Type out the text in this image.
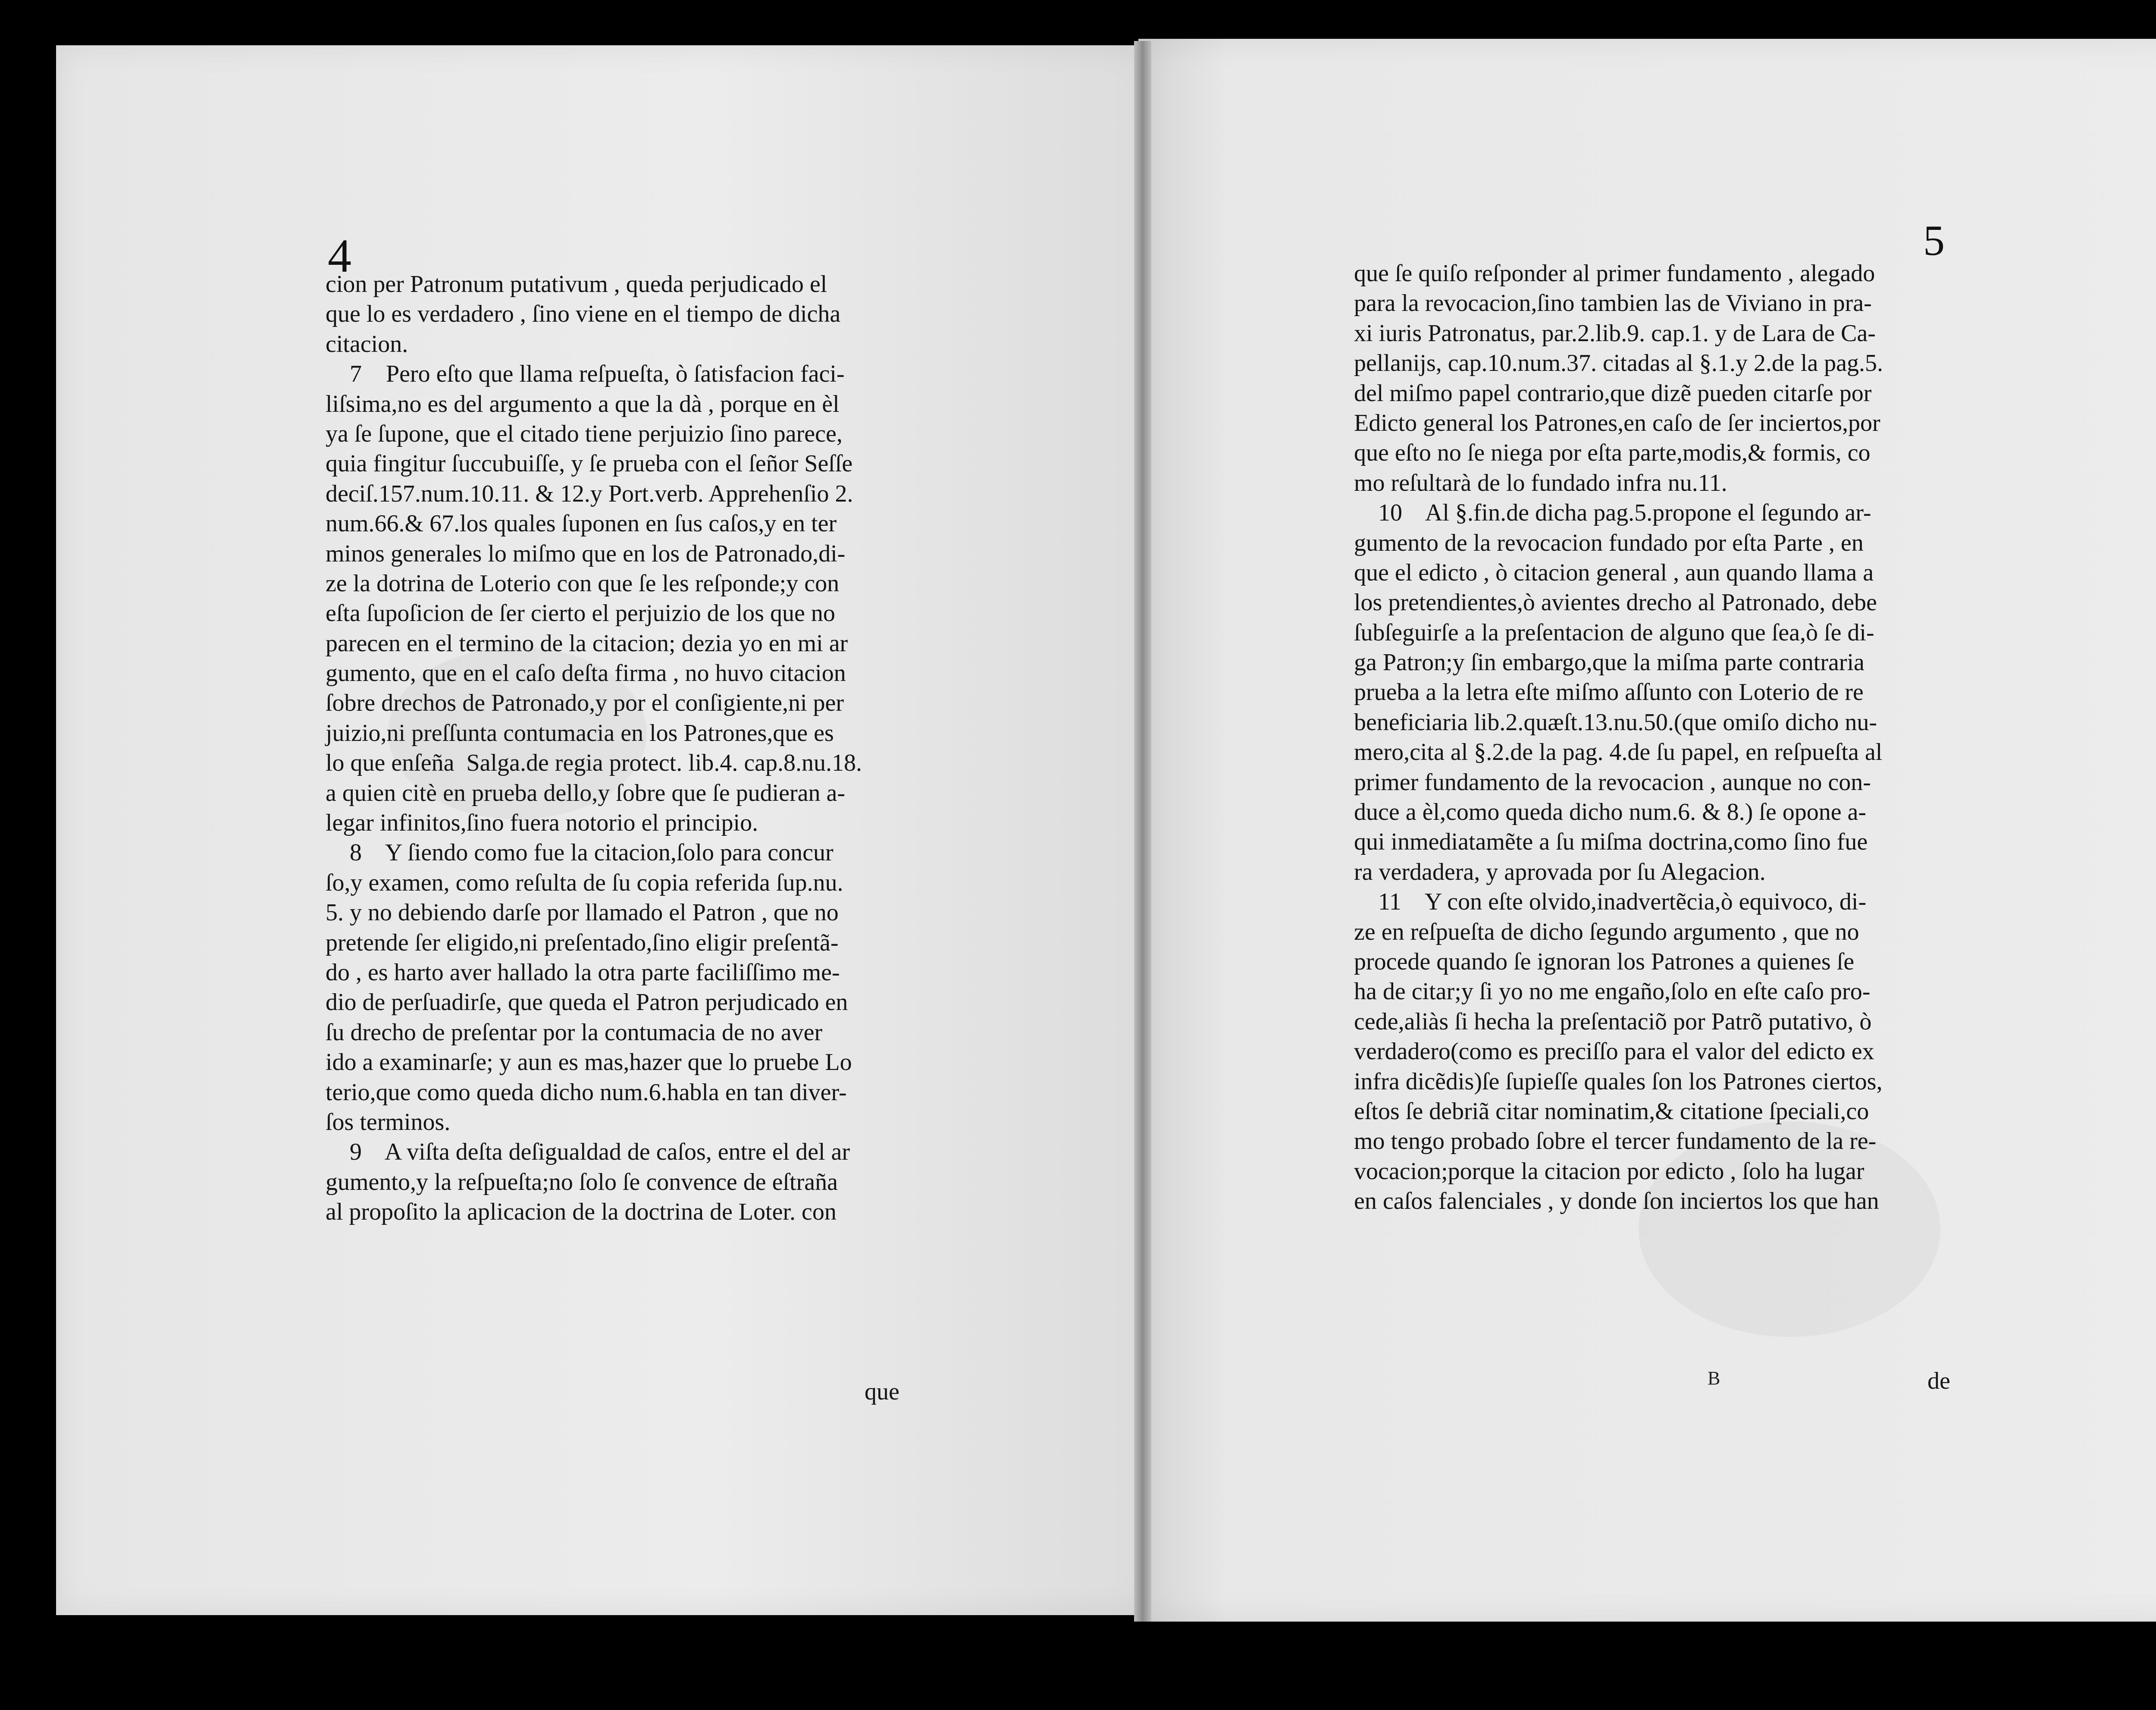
4	5
cion per Patronum putativum , queda perjudicado el
que lo es verdadero , ſino viene en el tiempo de dicha
citacion.
7    Pero eſto que llama reſpueſta, ò ſatisfacion faci-
liſsima,no es del argumento a que la dà , porque en èl
ya ſe ſupone, que el citado tiene perjuizio ſino parece,
quia fingitur ſuccubuiſſe, y ſe prueba con el ſeñor Seſſe
deciſ.157.num.10.11. & 12.y Port.verb. Apprehenſio 2.
num.66.& 67.los quales ſuponen en ſus caſos,y en ter
minos generales lo miſmo que en los de Patronado,di-
ze la dotrina de Loterio con que ſe les reſponde;y con
eſta ſupoſicion de ſer cierto el perjuizio de los que no
parecen en el termino de la citacion; dezia yo en mi ar
gumento, que en el caſo deſta firma , no huvo citacion
ſobre drechos de Patronado,y por el conſigiente,ni per
juizio,ni preſſunta contumacia en los Patrones,que es
lo que enſeña  Salga.de regia protect. lib.4. cap.8.nu.18.
a quien citè en prueba dello,y ſobre que ſe pudieran a-
legar infinitos,ſino fuera notorio el principio.
8    Y ſiendo como fue la citacion,ſolo para concur
ſo,y examen, como reſulta de ſu copia referida ſup.nu.
5. y no debiendo darſe por llamado el Patron , que no
pretende ſer eligido,ni preſentado,ſino eligir preſentã-
do , es harto aver hallado la otra parte faciliſſimo me-
dio de perſuadirſe, que queda el Patron perjudicado en
ſu drecho de preſentar por la contumacia de no aver
ido a examinarſe; y aun es mas,hazer que lo pruebe Lo
terio,que como queda dicho num.6.habla en tan diver-
ſos terminos.
9    A viſta deſta deſigualdad de caſos, entre el del ar
gumento,y la reſpueſta;no ſolo ſe convence de eſtraña
al propoſito la aplicacion de la doctrina de Loter. con
que ſe quiſo reſponder al primer fundamento , alegado
para la revocacion,ſino tambien las de Viviano in pra-
xi iuris Patronatus, par.2.lib.9. cap.1. y de Lara de Ca-
pellanijs, cap.10.num.37. citadas al §.1.y 2.de la pag.5.
del miſmo papel contrario,que dizẽ pueden citarſe por
Edicto general los Patrones,en caſo de ſer inciertos,por
que eſto no ſe niega por eſta parte,modis,& formis, co
mo reſultarà de lo fundado infra nu.11.
10    Al §.fin.de dicha pag.5.propone el ſegundo ar-
gumento de la revocacion fundado por eſta Parte , en
que el edicto , ò citacion general , aun quando llama a
los pretendientes,ò avientes drecho al Patronado, debe
ſubſeguirſe a la preſentacion de alguno que ſea,ò ſe di-
ga Patron;y ſin embargo,que la miſma parte contraria
prueba a la letra eſte miſmo aſſunto con Loterio de re
beneficiaria lib.2.quæſt.13.nu.50.(que omiſo dicho nu-
mero,cita al §.2.de la pag. 4.de ſu papel, en reſpueſta al
primer fundamento de la revocacion , aunque no con-
duce a èl,como queda dicho num.6. & 8.) ſe opone a-
qui inmediatamẽte a ſu miſma doctrina,como ſino fue
ra verdadera, y aprovada por ſu Alegacion.
11    Y con eſte olvido,inadvertẽcia,ò equivoco, di-
ze en reſpueſta de dicho ſegundo argumento , que no
procede quando ſe ignoran los Patrones a quienes ſe
ha de citar;y ſi yo no me engaño,ſolo en eſte caſo pro-
cede,aliàs ſi hecha la preſentaciõ por Patrõ putativo, ò
verdadero(como es preciſſo para el valor del edicto ex
infra dicẽdis)ſe ſupieſſe quales ſon los Patrones ciertos,
eſtos ſe debriã citar nominatim,& citatione ſpeciali,co
mo tengo probado ſobre el tercer fundamento de la re-
vocacion;porque la citacion por edicto , ſolo ha lugar
en caſos falenciales , y donde ſon inciertos los que han
que
B	de
